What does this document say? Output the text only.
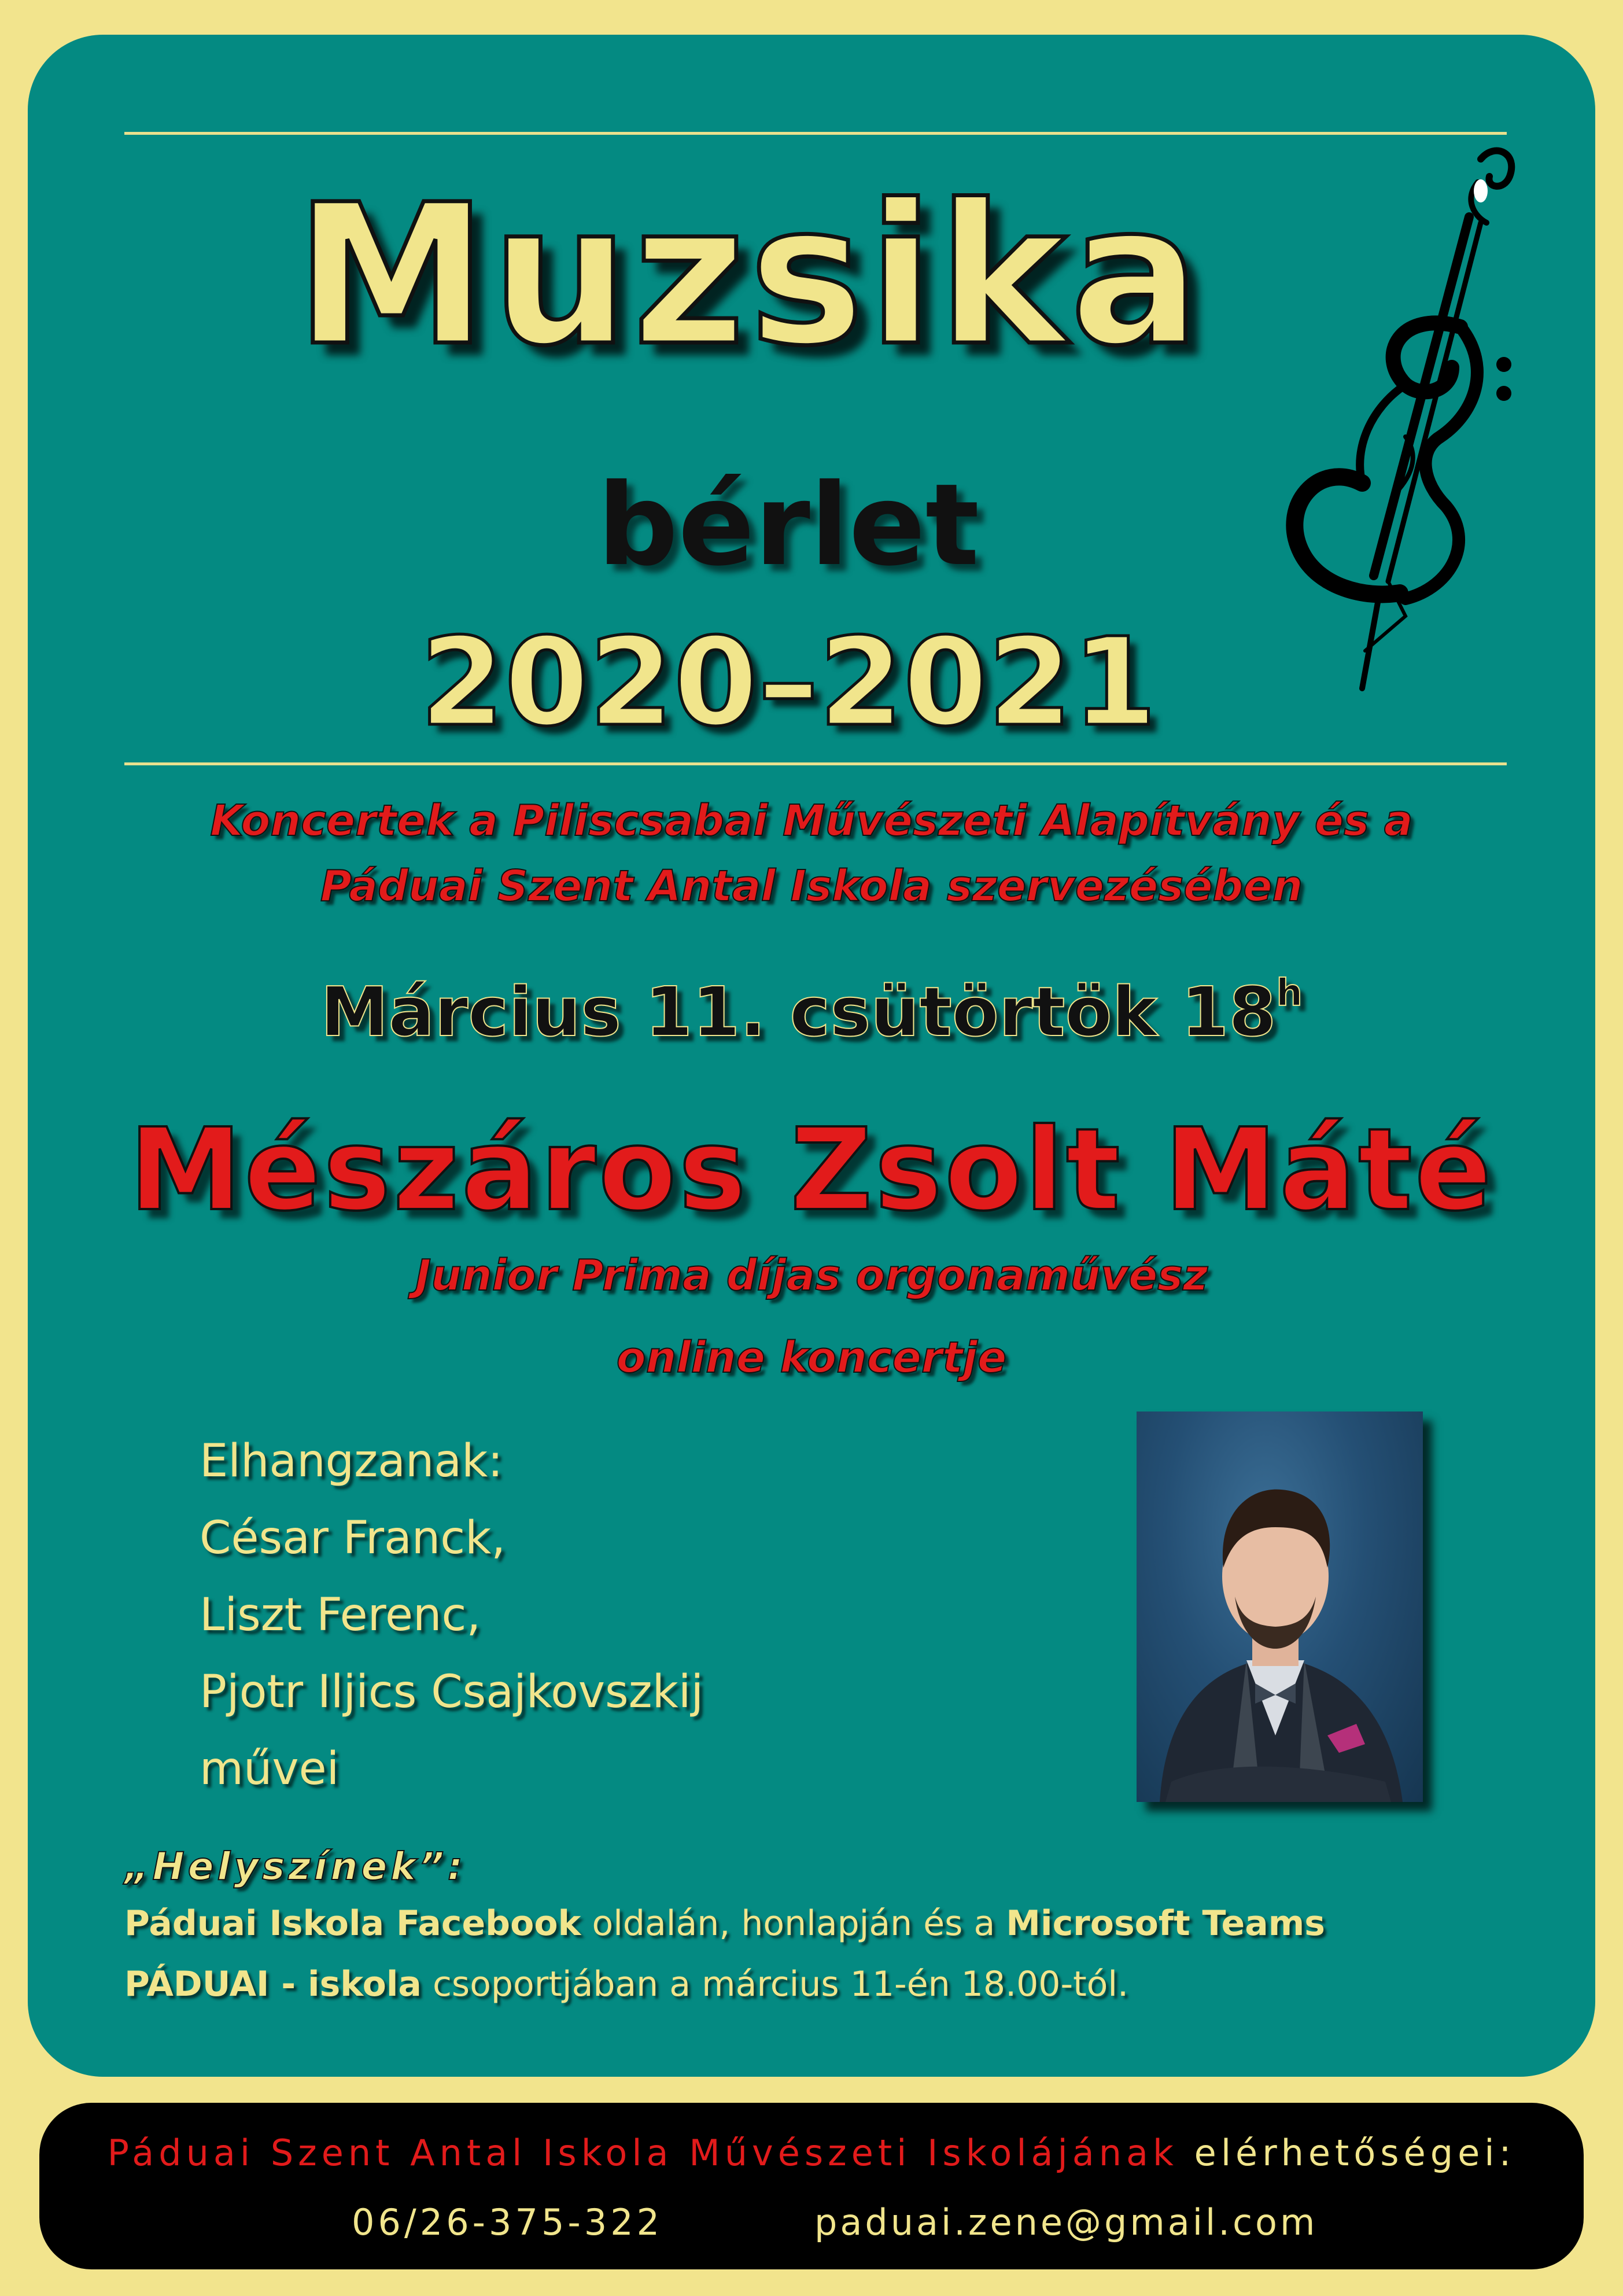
Muzsika
bérlet
2020–2021
Koncertek a Piliscsabai Művészeti Alapítvány és a
Páduai Szent Antal Iskola szervezésében
Március 11. csütörtök 18$^h$
Mészáros Zsolt Máté
Junior Prima díjas orgonaművész
online koncertje
Elhangzanak:
César Franck,
Liszt Ferenc,
Pjotr Iljics Csajkovszkij
művei
„Helyszínek”:
Páduai Iskola Facebook oldalán, honlapján és a Microsoft Teams
PÁDUAI - iskola csoportjában a március 11-én 18.00-tól.
Páduai Szent Antal Iskola Művészeti Iskolájának elérhetőségei:
06/26-375-322	paduai.zene@gmail.com
